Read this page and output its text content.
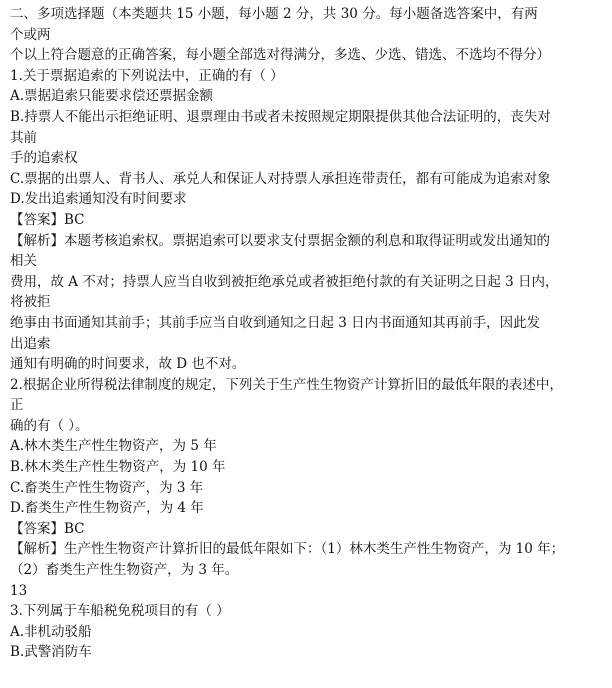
二、多项选择题（本类题共 15 小题，每小题 2 分，共 30 分。每小题备选答案中，有两
个或两
个以上符合题意的正确答案，每小题全部选对得满分，多选、少选、错选、不选均不得分）
1.关于票据追索的下列说法中，正确的有（ ）
A.票据追索只能要求偿还票据金额
B.持票人不能出示拒绝证明、退票理由书或者未按照规定期限提供其他合法证明的，丧失对
其前
手的追索权
C.票据的出票人、背书人、承兑人和保证人对持票人承担连带责任，都有可能成为追索对象
D.发出追索通知没有时间要求
【答案】BC
【解析】本题考核追索权。票据追索可以要求支付票据金额的利息和取得证明或发出通知的
相关
费用，故 A 不对；持票人应当自收到被拒绝承兑或者被拒绝付款的有关证明之日起 3 日内，
将被拒
绝事由书面通知其前手；其前手应当自收到通知之日起 3 日内书面通知其再前手，因此发
出追索
通知有明确的时间要求，故 D 也不对。
2.根据企业所得税法律制度的规定，下列关于生产性生物资产计算折旧的最低年限的表述中，
正
确的有（ ）。
A.林木类生产性生物资产，为 5 年
B.林木类生产性生物资产，为 10 年
C.畜类生产性生物资产，为 3 年
D.畜类生产性生物资产，为 4 年
【答案】BC
【解析】生产性生物资产计算折旧的最低年限如下：（1）林木类生产性生物资产，为 10 年；
（2）畜类生产性生物资产，为 3 年。
13
3.下列属于车船税免税项目的有（ ）
A.非机动驳船
B.武警消防车
